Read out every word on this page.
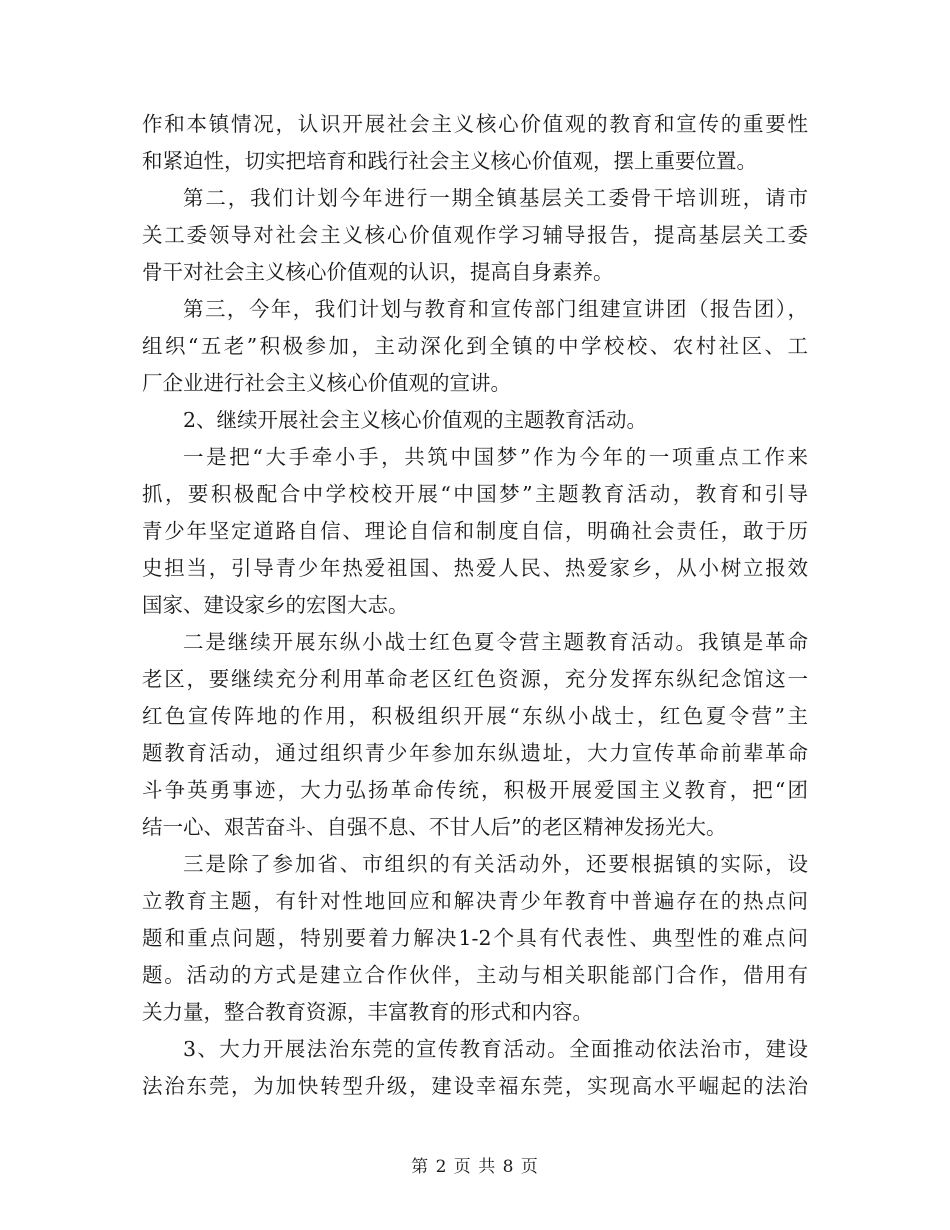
作和本镇情况，认识开展社会主义核心价值观的教育和宣传的重要性
和紧迫性，切实把培育和践行社会主义核心价值观，摆上重要位置。
第二，我们计划今年进行一期全镇基层关工委骨干培训班，请市
关工委领导对社会主义核心价值观作学习辅导报告，提高基层关工委
骨干对社会主义核心价值观的认识，提高自身素养。
第三，今年，我们计划与教育和宣传部门组建宣讲团（报告团），
组织“五老”积极参加，主动深化到全镇的中学校校、农村社区、工
厂企业进行社会主义核心价值观的宣讲。
2、继续开展社会主义核心价值观的主题教育活动。
一是把“大手牵小手，共筑中国梦”作为今年的一项重点工作来
抓，要积极配合中学校校开展“中国梦”主题教育活动，教育和引导
青少年坚定道路自信、理论自信和制度自信，明确社会责任，敢于历
史担当，引导青少年热爱祖国、热爱人民、热爱家乡，从小树立报效
国家、建设家乡的宏图大志。
二是继续开展东纵小战士红色夏令营主题教育活动。我镇是革命
老区，要继续充分利用革命老区红色资源，充分发挥东纵纪念馆这一
红色宣传阵地的作用，积极组织开展“东纵小战士，红色夏令营”主
题教育活动，通过组织青少年参加东纵遗址，大力宣传革命前辈革命
斗争英勇事迹，大力弘扬革命传统，积极开展爱国主义教育，把“团
结一心、艰苦奋斗、自强不息、不甘人后”的老区精神发扬光大。
三是除了参加省、市组织的有关活动外，还要根据镇的实际，设
立教育主题，有针对性地回应和解决青少年教育中普遍存在的热点问
题和重点问题，特别要着力解决1-2个具有代表性、典型性的难点问
题。活动的方式是建立合作伙伴，主动与相关职能部门合作，借用有
关力量，整合教育资源，丰富教育的形式和内容。
3、大力开展法治东莞的宣传教育活动。全面推动依法治市，建设
法治东莞，为加快转型升级，建设幸福东莞，实现高水平崛起的法治
第 2 页 共 8 页
